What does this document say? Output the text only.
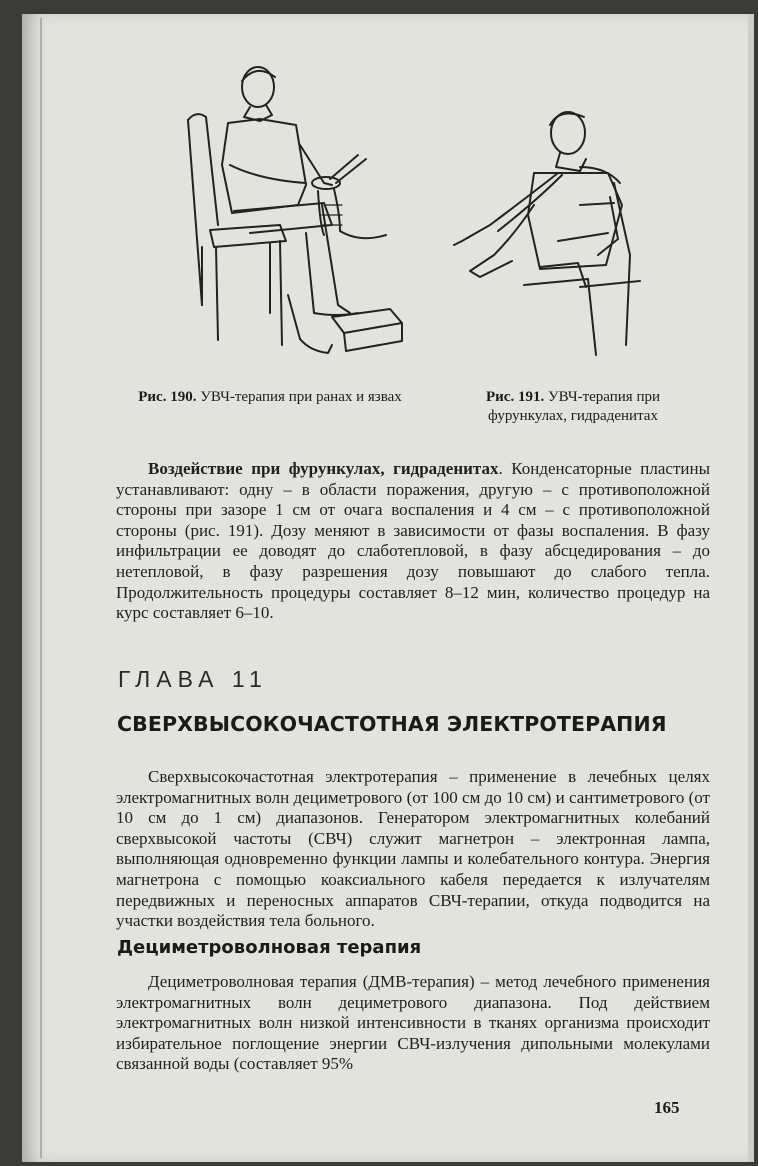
Рис. 190. УВЧ-терапия при ранах и язвах	Рис. 191. УВЧ-терапия при фурункулах, гидраденитах
Воздействие при фурункулах, гидраденитах. Конденсаторные пластины устанавливают: одну – в области поражения, другую – с противоположной стороны при зазоре 1 см от очага воспаления и 4 см – с противоположной стороны (рис. 191). Дозу меняют в зависимости от фазы воспаления. В фазу инфильтрации ее доводят до слаботепловой, в фазу абсцедирования – до нетепловой, в фазу разрешения дозу повышают до слабого тепла. Продолжительность процедуры составляет 8–12 мин, количество процедур на курс составляет 6–10.
ГЛАВА 11
СВЕРХВЫСОКОЧАСТОТНАЯ ЭЛЕКТРОТЕРАПИЯ
Сверхвысокочастотная электротерапия – применение в лечебных целях электромагнитных волн дециметрового (от 100 см до 10 см) и сантиметрового (от 10 см до 1 см) диапазонов. Генератором электромагнитных колебаний сверхвысокой частоты (СВЧ) служит магнетрон – электронная лампа, выполняющая одновременно функции лампы и колебательного контура. Энергия магнетрона с помощью коаксиального кабеля передается к излучателям передвижных и переносных аппаратов СВЧ-терапии, откуда подводится на участки воздействия тела больного.
Дециметроволновая терапия
Дециметроволновая терапия (ДМВ-терапия) – метод лечебного применения электромагнитных волн дециметрового диапазона. Под действием электромагнитных волн низкой интенсивности в тканях организма происходит избирательное поглощение энергии СВЧ-излучения дипольными молекулами связанной воды (составляет 95%
165
